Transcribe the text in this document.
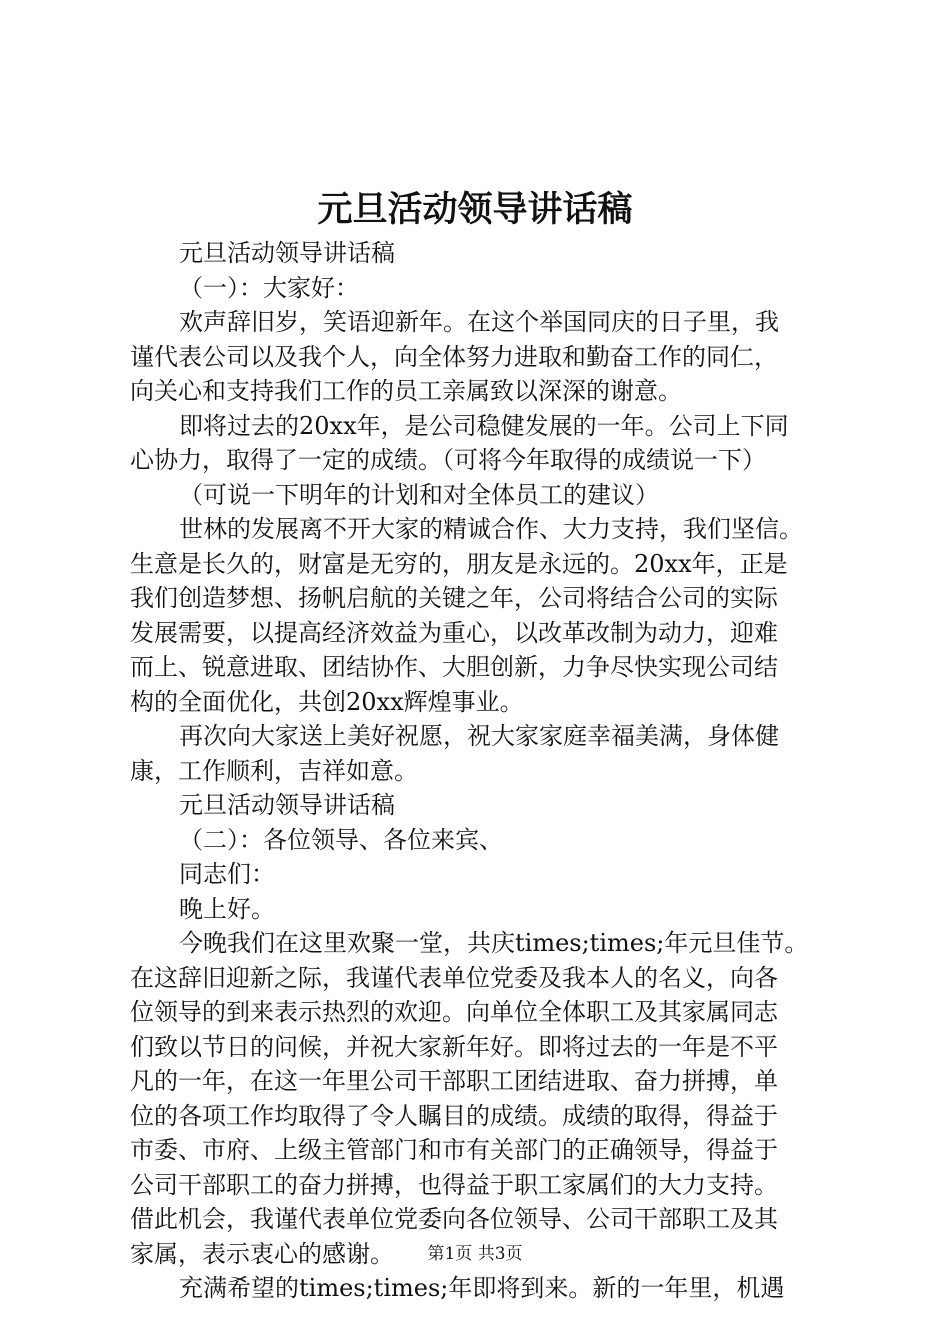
元旦活动领导讲话稿
元旦活动领导讲话稿
（一）：大家好：
欢声辞旧岁，笑语迎新年。在这个举国同庆的日子里，我
谨代表公司以及我个人，向全体努力进取和勤奋工作的同仁，
向关心和支持我们工作的员工亲属致以深深的谢意。
即将过去的20xx年，是公司稳健发展的一年。公司上下同
心协力，取得了一定的成绩。（可将今年取得的成绩说一下）
（可说一下明年的计划和对全体员工的建议）
世林的发展离不开大家的精诚合作、大力支持，我们坚信。
生意是长久的，财富是无穷的，朋友是永远的。20xx年，正是
我们创造梦想、扬帆启航的关键之年，公司将结合公司的实际
发展需要，以提高经济效益为重心，以改革改制为动力，迎难
而上、锐意进取、团结协作、大胆创新，力争尽快实现公司结
构的全面优化，共创20xx辉煌事业。
再次向大家送上美好祝愿，祝大家家庭幸福美满，身体健
康，工作顺利，吉祥如意。
元旦活动领导讲话稿
（二）：各位领导、各位来宾、
同志们：
晚上好。
今晚我们在这里欢聚一堂，共庆times;times;年元旦佳节。
在这辞旧迎新之际，我谨代表单位党委及我本人的名义，向各
位领导的到来表示热烈的欢迎。向单位全体职工及其家属同志
们致以节日的问候，并祝大家新年好。即将过去的一年是不平
凡的一年，在这一年里公司干部职工团结进取、奋力拼搏，单
位的各项工作均取得了令人瞩目的成绩。成绩的取得，得益于
市委、市府、上级主管部门和市有关部门的正确领导，得益于
公司干部职工的奋力拼搏，也得益于职工家属们的大力支持。
借此机会，我谨代表单位党委向各位领导、公司干部职工及其
家属，表示衷心的感谢。
充满希望的times;times;年即将到来。新的一年里，机遇
第1页 共3页
